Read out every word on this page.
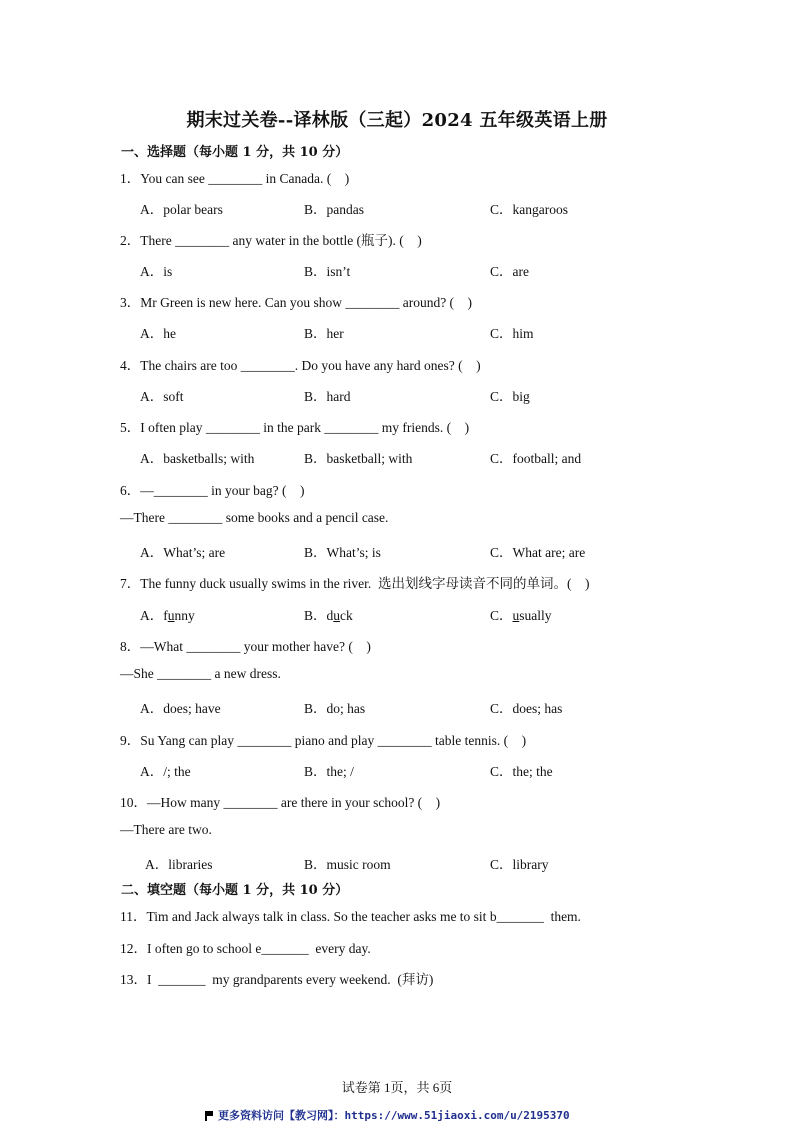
期末过关卷--译林版（三起）2024 五年级英语上册
一、选择题（每小题 1 分，共 10 分）
1．You can see ________ in Canada. (    )
A．polar bears	B．pandas	C．kangaroos
2．There ________ any water in the bottle (瓶子). (    )
A．is	B．isn’t	C．are
3．Mr Green is new here. Can you show ________ around? (    )
A．he	B．her	C．him
4．The chairs are too ________. Do you have any hard ones? (    )
A．soft	B．hard	C．big
5．I often play ________ in the park ________ my friends. (    )
A．basketballs; with	B．basketball; with	C．football; and
6．—________ in your bag? (    )
—There ________ some books and a pencil case.
A．What’s; are	B．What’s; is	C．What are; are
7．The funny duck usually swims in the river.  选出划线字母读音不同的单词。(    )
A．funny	B．duck	C．usually
8．—What ________ your mother have? (    )
—She ________ a new dress.
A．does; have	B．do; has	C．does; has
9．Su Yang can play ________ piano and play ________ table tennis. (    )
A．/; the	B．the; /	C．the; the
10．—How many ________ are there in your school? (    )
—There are two.
A．libraries	B．music room	C．library
二、填空题（每小题 1 分，共 10 分）
11．Tim and Jack always talk in class. So the teacher asks me to sit b_______  them.
12．I often go to school e_______  every day.
13．I  _______  my grandparents every weekend.  (拜访)
试卷第 1页，共 6页
更多资料访问【教习网】：https://www.51jiaoxi.com/u/2195370
